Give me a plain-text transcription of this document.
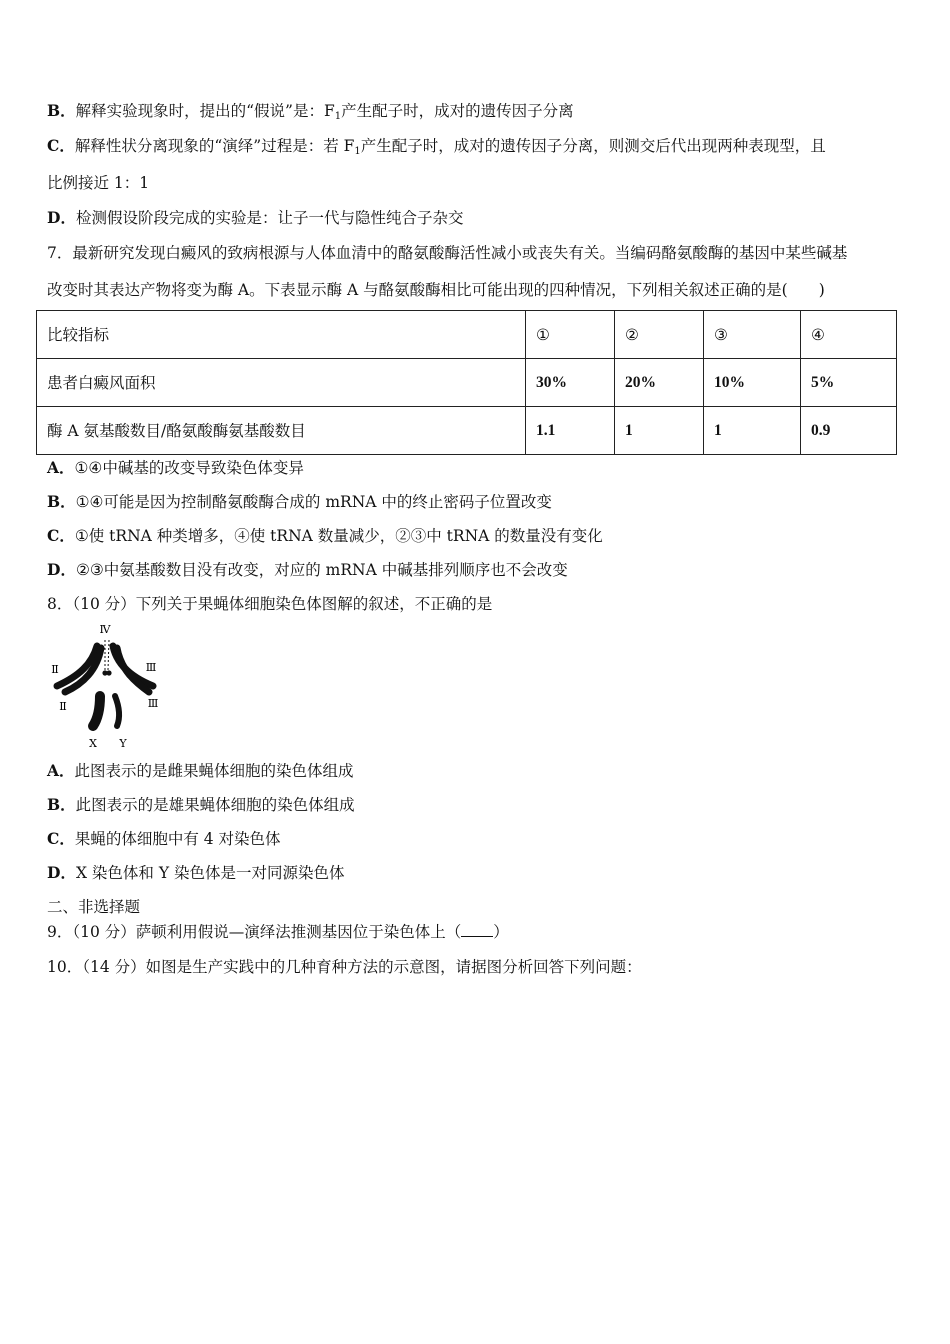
B．解释实验现象时，提出的“假说”是：$F_1$产生配子时，成对的遗传因子分离
C．解释性状分离现象的“演绎”过程是：若 $F_1$产生配子时，成对的遗传因子分离，则测交后代出现两种表现型，且
比例接近 1：1
D．检测假设阶段完成的实验是：让子一代与隐性纯合子杂交
7．最新研究发现白癜风的致病根源与人体血清中的酪氨酸酶活性减小或丧失有关。当编码酪氨酸酶的基因中某些碱基
改变时其表达产物将变为酶 A。下表显示酶 A 与酪氨酸酶相比可能出现的四种情况，下列相关叙述正确的是(　　)
比较指标	①	②	③	④
患者白癜风面积	30%	20%	10%	5%
酶 A 氨基酸数目/酪氨酸酶氨基酸数目	1.1	1	1	0.9
A．①④中碱基的改变导致染色体变异
B．①④可能是因为控制酪氨酸酶合成的 mRNA 中的终止密码子位置改变
C．①使 tRNA 种类增多，④使 tRNA 数量减少，②③中 tRNA 的数量没有变化
D．②③中氨基酸数目没有改变，对应的 mRNA 中碱基排列顺序也不会改变
8．（10 分）下列关于果蝇体细胞染色体图解的叙述，不正确的是
Ⅳ
Ⅱ
Ⅱ
Ⅲ
Ⅲ
X Y
A．此图表示的是雌果蝇体细胞的染色体组成
B．此图表示的是雄果蝇体细胞的染色体组成
C．果蝇的体细胞中有 4 对染色体
D．X 染色体和 Y 染色体是一对同源染色体
二、非选择题
9．（10 分）萨顿利用假说—演绎法推测基因位于染色体上（ ）
10．（14 分）如图是生产实践中的几种育种方法的示意图，请据图分析回答下列问题：
